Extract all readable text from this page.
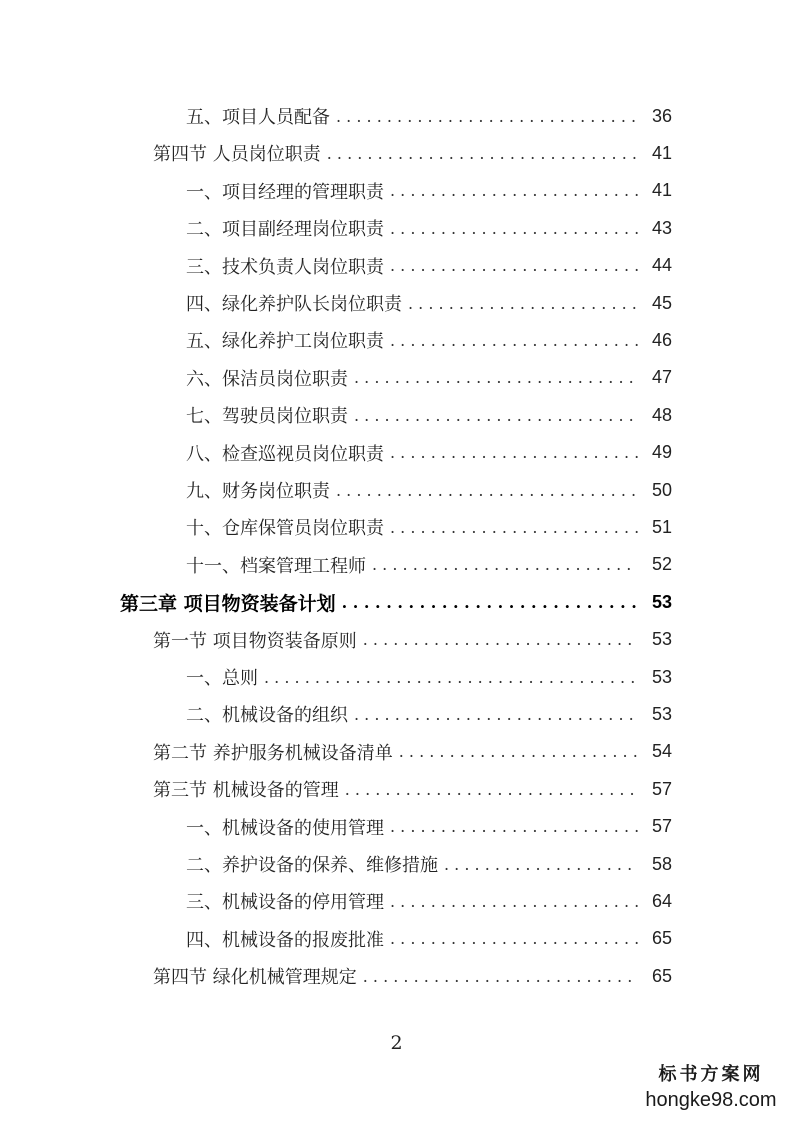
五、项目人员配备 . . .	36
第四节 人员岗位职责 . . .	41
一、项目经理的管理职责 . . .	41
二、项目副经理岗位职责 . . .	43
三、技术负责人岗位职责 . . .	44
四、绿化养护队长岗位职责 . . .	45
五、绿化养护工岗位职责 . . .	46
六、保洁员岗位职责 . . .	47
七、驾驶员岗位职责 . . .	48
八、检查巡视员岗位职责 . . .	49
九、财务岗位职责 . . .	50
十、仓库保管员岗位职责 . . .	51
十一、档案管理工程师 . . .	52
第三章 项目物资装备计划 . . .	53
第一节 项目物资装备原则 . . .	53
一、总则 . . .	53
二、机械设备的组织 . . .	53
第二节 养护服务机械设备清单 . . .	54
第三节 机械设备的管理 . . .	57
一、机械设备的使用管理 . . .	57
二、养护设备的保养、维修措施 . . .	58
三、机械设备的停用管理 . . .	64
四、机械设备的报废批准 . . .	65
第四节 绿化机械管理规定 . . .	65
2
标书方案网
hongke98.com
